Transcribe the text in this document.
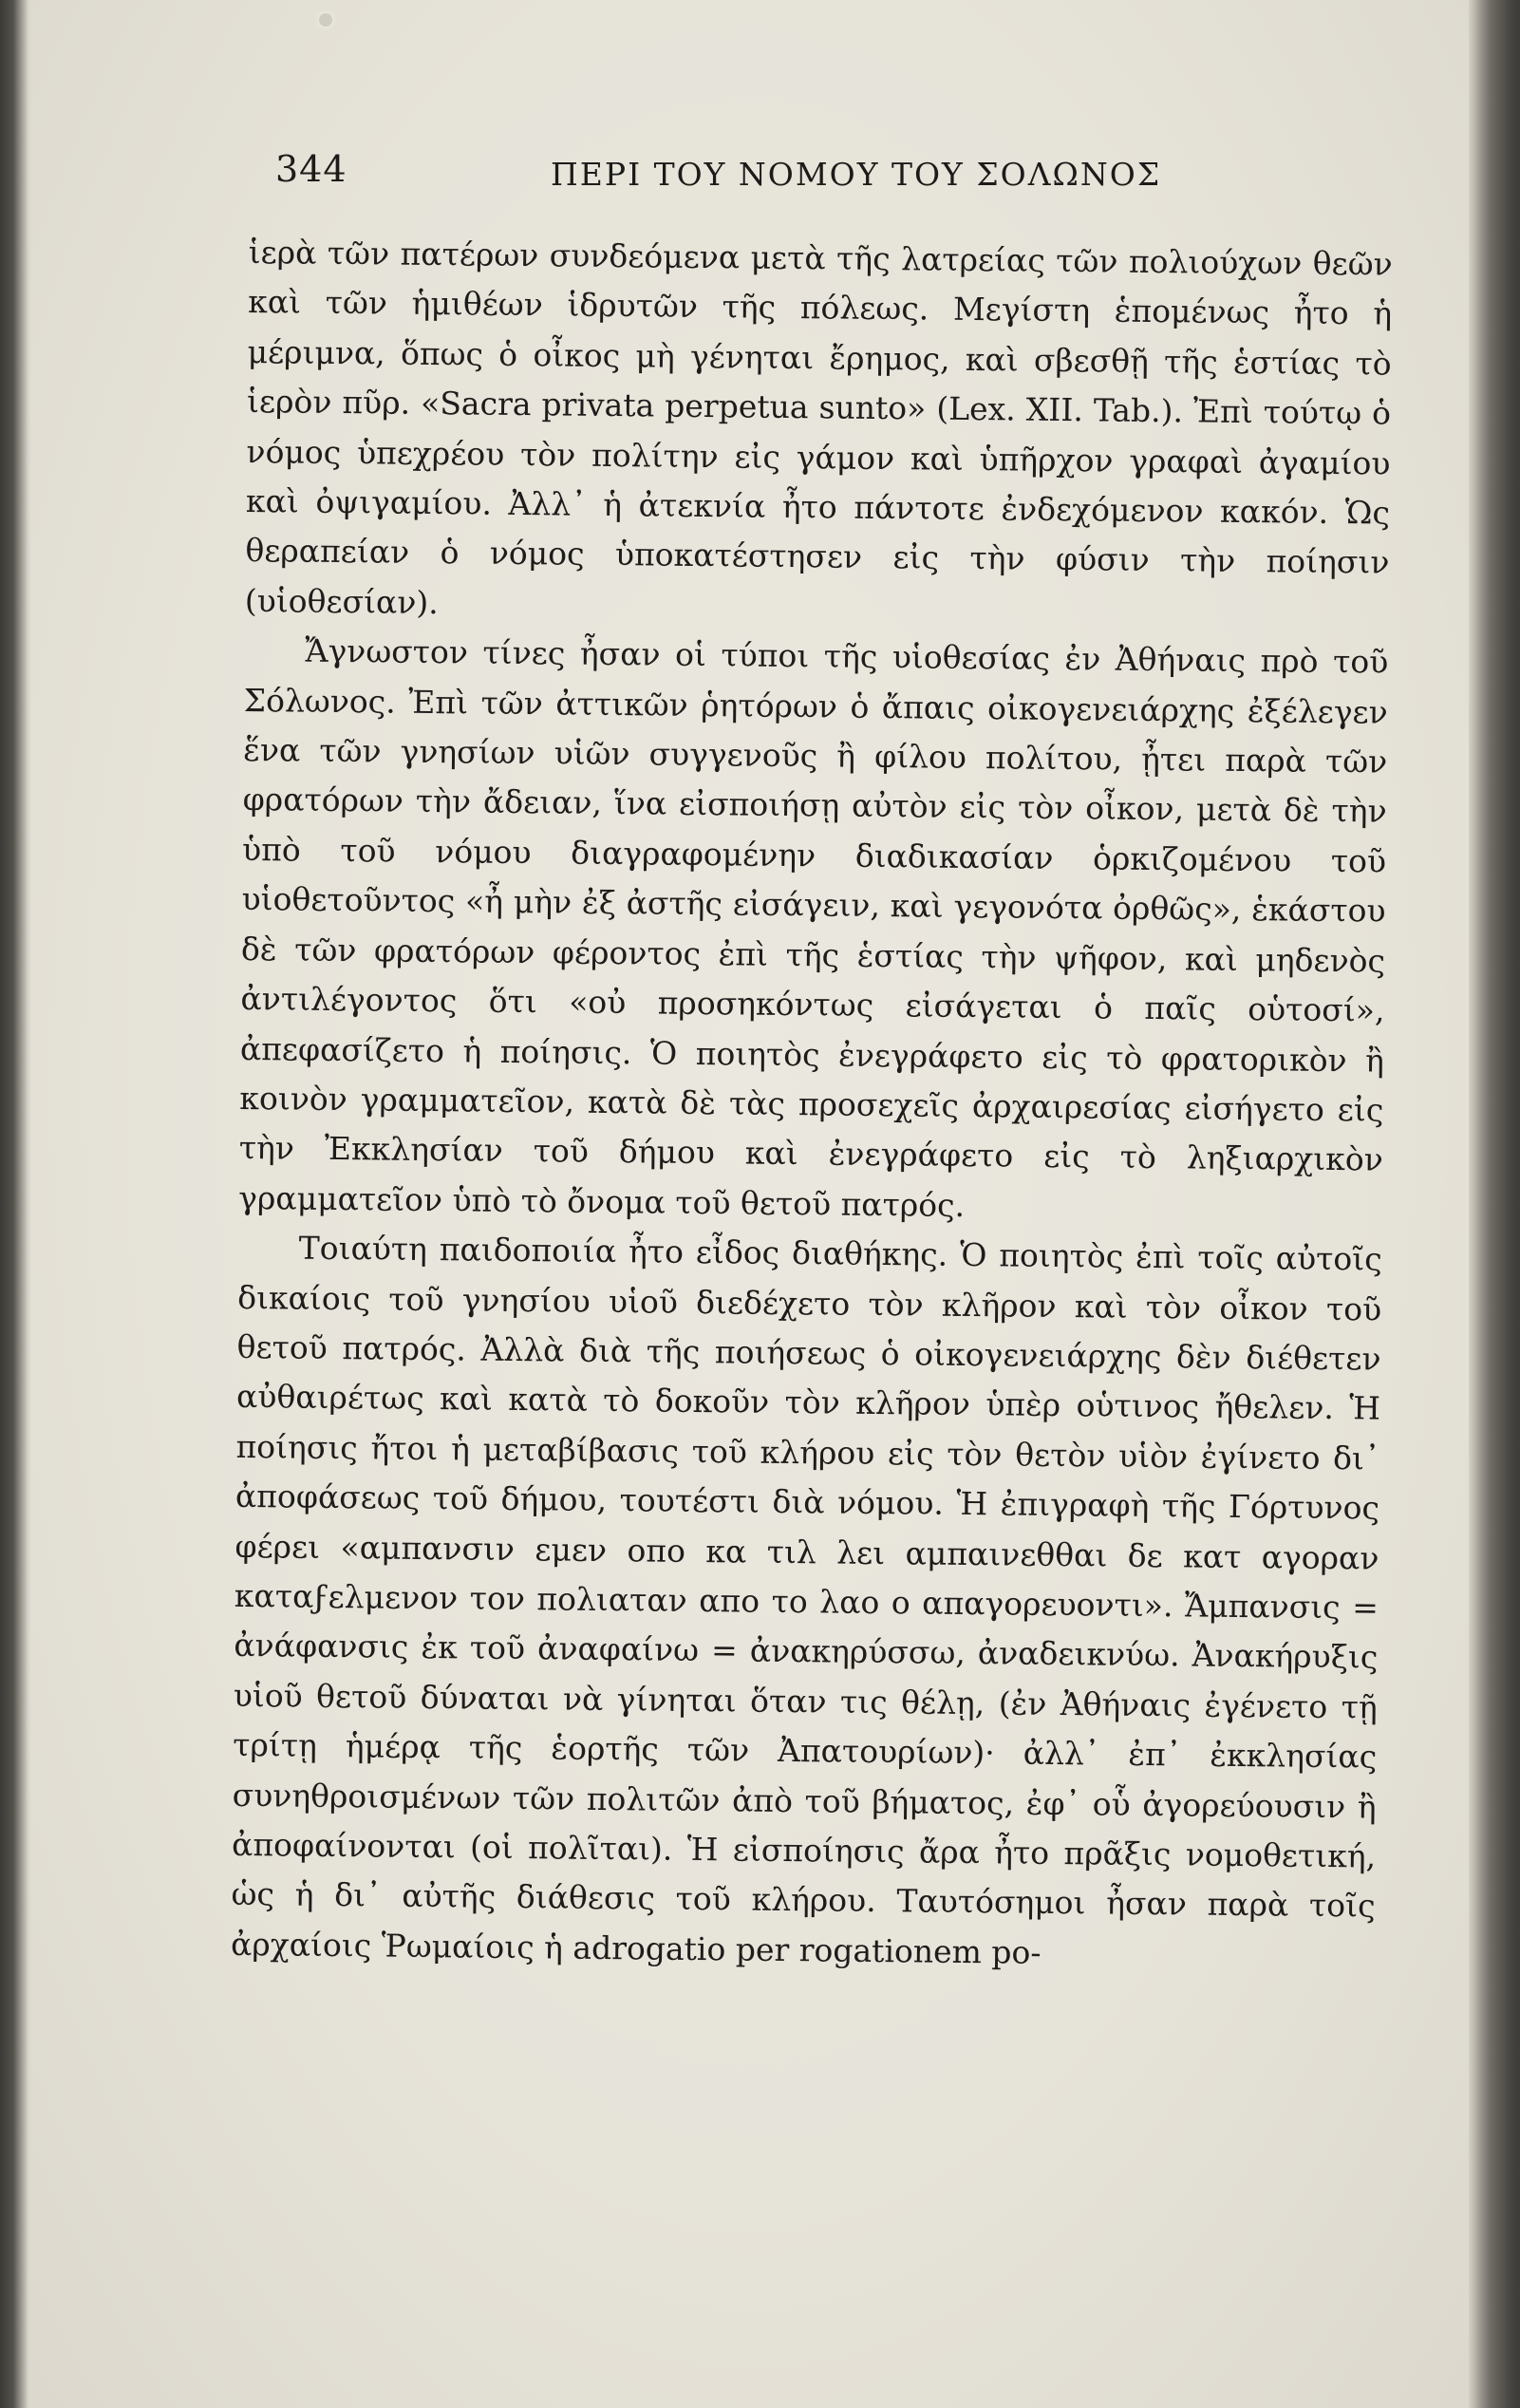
344	ΠΕΡΙ ΤΟΥ ΝΟΜΟΥ ΤΟΥ ΣΟΛΩΝΟΣ

ἱερὰ τῶν πατέρων συνδεόμενα μετὰ τῆς λατρείας τῶν πολιούχων θεῶν καὶ τῶν ἡμιθέων ἱδρυτῶν τῆς πόλεως. Μεγίστη ἑπομένως ἦτο ἡ μέριμνα, ὅπως ὁ οἶκος μὴ γένηται ἔρημος, καὶ σβεσθῇ τῆς ἑστίας τὸ ἱερὸν πῦρ. «Sacra privata perpetua sunto» (Lex. XII. Tab.). Ἐπὶ τούτῳ ὁ νόμος ὑπεχρέου τὸν πολίτην εἰς γάμον καὶ ὑπῆρχον γραφαὶ ἀγαμίου καὶ ὀψιγαμίου. Ἀλλ᾽ ἡ ἀτεκνία ἦτο πάντοτε ἐνδεχόμενον κακόν. Ὡς θεραπείαν ὁ νόμος ὑποκατέστησεν εἰς τὴν φύσιν τὴν ποίησιν (υἱοθεσίαν).

Ἄγνωστον τίνες ἦσαν οἱ τύποι τῆς υἱοθεσίας ἐν Ἀθήναις πρὸ τοῦ Σόλωνος. Ἐπὶ τῶν ἀττικῶν ῥητόρων ὁ ἄπαις οἰκογενειάρχης ἐξέλεγεν ἕνα τῶν γνησίων υἱῶν συγγενοῦς ἢ φίλου πολίτου, ᾖτει παρὰ τῶν φρατόρων τὴν ἄδειαν, ἵνα εἰσποιήσῃ αὐτὸν εἰς τὸν οἶκον, μετὰ δὲ τὴν ὑπὸ τοῦ νόμου διαγραφομένην διαδικασίαν ὁρκιζομένου τοῦ υἱοθετοῦντος «ἦ μὴν ἐξ ἀστῆς εἰσάγειν, καὶ γεγονότα ὀρθῶς», ἑκάστου δὲ τῶν φρατόρων φέροντος ἐπὶ τῆς ἑστίας τὴν ψῆφον, καὶ μηδενὸς ἀντιλέγοντος ὅτι «οὐ προσηκόντως εἰσάγεται ὁ παῖς οὑτοσί», ἀπεφασίζετο ἡ ποίησις. Ὁ ποιητὸς ἐνεγράφετο εἰς τὸ φρατορικὸν ἢ κοινὸν γραμματεῖον, κατὰ δὲ τὰς προσεχεῖς ἀρχαιρεσίας εἰσήγετο εἰς τὴν Ἐκκλησίαν τοῦ δήμου καὶ ἐνεγράφετο εἰς τὸ ληξιαρχικὸν γραμματεῖον ὑπὸ τὸ ὄνομα τοῦ θετοῦ πατρός.

Τοιαύτη παιδοποιία ἦτο εἶδος διαθήκης. Ὁ ποιητὸς ἐπὶ τοῖς αὐτοῖς δικαίοις τοῦ γνησίου υἱοῦ διεδέχετο τὸν κλῆρον καὶ τὸν οἶκον τοῦ θετοῦ πατρός. Ἀλλὰ διὰ τῆς ποιήσεως ὁ οἰκογενειάρχης δὲν διέθετεν αὐθαιρέτως καὶ κατὰ τὸ δοκοῦν τὸν κλῆρον ὑπὲρ οὑτινος ἤθελεν. Ἡ ποίησις ἤτοι ἡ μεταβίβασις τοῦ κλήρου εἰς τὸν θετὸν υἱὸν ἐγίνετο δι᾽ ἀποφάσεως τοῦ δήμου, τουτέστι διὰ νόμου. Ἡ ἐπιγραφὴ τῆς Γόρτυνος φέρει «αμπανσιν εμεν οπο κα τιλ λει αμπαινεθθαι δε κατ αγοραν καταϝελμενον τον πολιαταν απο το λαο ο απαγορευοντι». Ἄμπανσις = ἀνάφανσις ἐκ τοῦ ἀναφαίνω = ἀνακηρύσσω, ἀναδεικνύω. Ἀνακήρυξις υἱοῦ θετοῦ δύναται νὰ γίνηται ὅταν τις θέλῃ, (ἐν Ἀθήναις ἐγένετο τῇ τρίτῃ ἡμέρᾳ τῆς ἑορτῆς τῶν Ἀπατουρίων)· ἀλλ᾽ ἐπ᾽ ἐκκλησίας συνηθροισμένων τῶν πολιτῶν ἀπὸ τοῦ βήματος, ἐφ᾽ οὗ ἀγορεύουσιν ἢ ἀποφαίνονται (οἱ πολῖται). Ἡ εἰσποίησις ἄρα ἦτο πρᾶξις νομοθετική, ὡς ἡ δι᾽ αὐτῆς διάθεσις τοῦ κλήρου. Ταυτόσημοι ἦσαν παρὰ τοῖς ἀρχαίοις Ῥωμαίοις ἡ adrogatio per rogationem po-
